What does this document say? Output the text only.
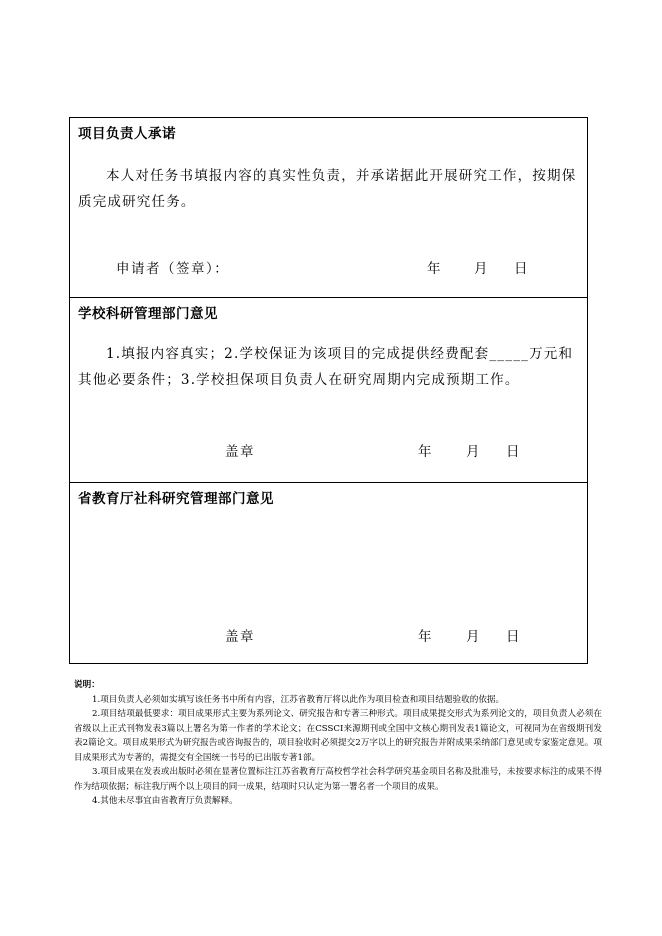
项目负责人承诺
本人对任务书填报内容的真实性负责，并承诺据此开展研究工作，按期保质完成研究任务。
申请者（签章）：	年 月 日
学校科研管理部门意见
1.填报内容真实；2.学校保证为该项目的完成提供经费配套_____万元和其他必要条件；3.学校担保项目负责人在研究周期内完成预期工作。
盖章	年	月 日
省教育厅社科研究管理部门意见
盖章	年	月 日
说明：

1.项目负责人必须如实填写该任务书中所有内容，江苏省教育厅将以此作为项目检查和项目结题验收的依据。

2.项目结项最低要求：项目成果形式主要为系列论文、研究报告和专著三种形式。项目成果提交形式为系列论文的，项目负责人必须在省级以上正式刊物发表3篇以上署名为第一作者的学术论文；在CSSCI来源期刊或全国中文核心期刊发表1篇论文，可视同为在省级期刊发表2篇论文。项目成果形式为研究报告或咨询报告的，项目验收时必须提交2万字以上的研究报告并附成果采纳部门意见或专家鉴定意见。项目成果形式为专著的，需提交有全国统一书号的已出版专著1部。

3.项目成果在发表或出版时必须在显著位置标注江苏省教育厅高校哲学社会科学研究基金项目名称及批准号，未按要求标注的成果不得作为结项依据；标注我厅两个以上项目的同一成果，结项时只认定为第一署名者一个项目的成果。

4.其他未尽事宜由省教育厅负责解释。
